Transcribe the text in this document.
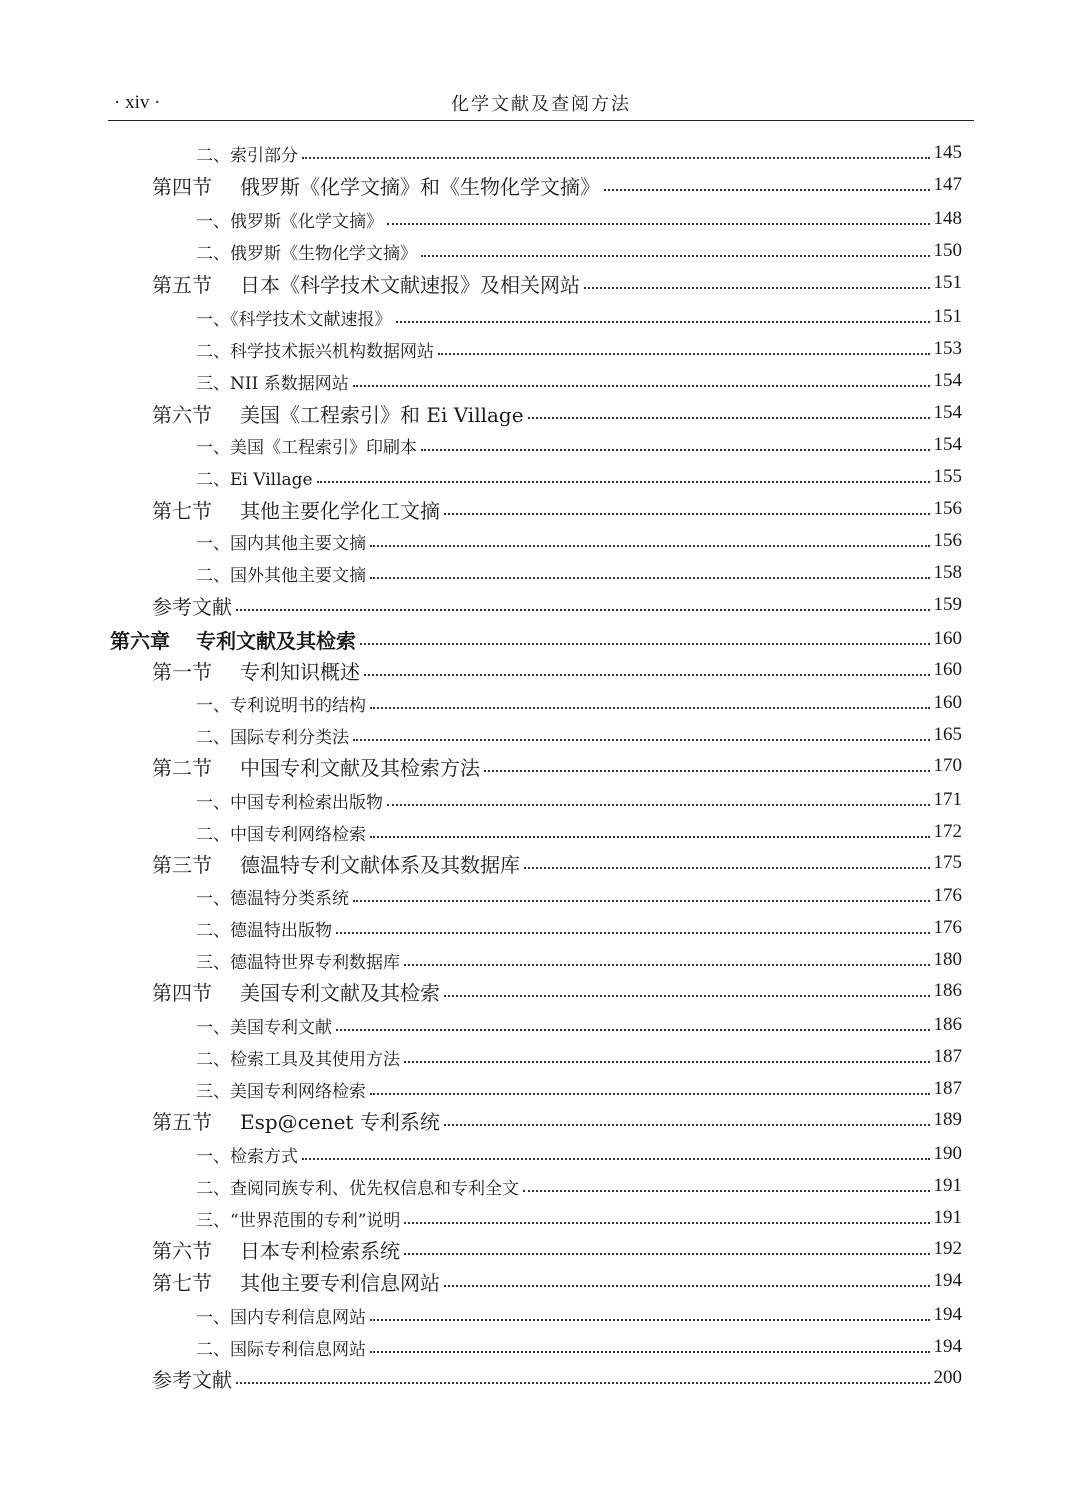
· xiv ·	化学文献及查阅方法
二、索引部分	145
第四节 俄罗斯《化学文摘》和《生物化学文摘》	147
一、俄罗斯《化学文摘》	148
二、俄罗斯《生物化学文摘》	150
第五节 日本《科学技术文献速报》及相关网站	151
一、《科学技术文献速报》	151
二、科学技术振兴机构数据网站	153
三、NII 系数据网站	154
第六节 美国《工程索引》和 Ei Village	154
一、美国《工程索引》印刷本	154
二、Ei Village	155
第七节 其他主要化学化工文摘	156
一、国内其他主要文摘	156
二、国外其他主要文摘	158
参考文献	159
第六章 专利文献及其检索	160
第一节 专利知识概述	160
一、专利说明书的结构	160
二、国际专利分类法	165
第二节 中国专利文献及其检索方法	170
一、中国专利检索出版物	171
二、中国专利网络检索	172
第三节 德温特专利文献体系及其数据库	175
一、德温特分类系统	176
二、德温特出版物	176
三、德温特世界专利数据库	180
第四节 美国专利文献及其检索	186
一、美国专利文献	186
二、检索工具及其使用方法	187
三、美国专利网络检索	187
第五节 Esp@cenet 专利系统	189
一、检索方式	190
二、查阅同族专利、优先权信息和专利全文	191
三、“世界范围的专利”说明	191
第六节 日本专利检索系统	192
第七节 其他主要专利信息网站	194
一、国内专利信息网站	194
二、国际专利信息网站	194
参考文献	200
